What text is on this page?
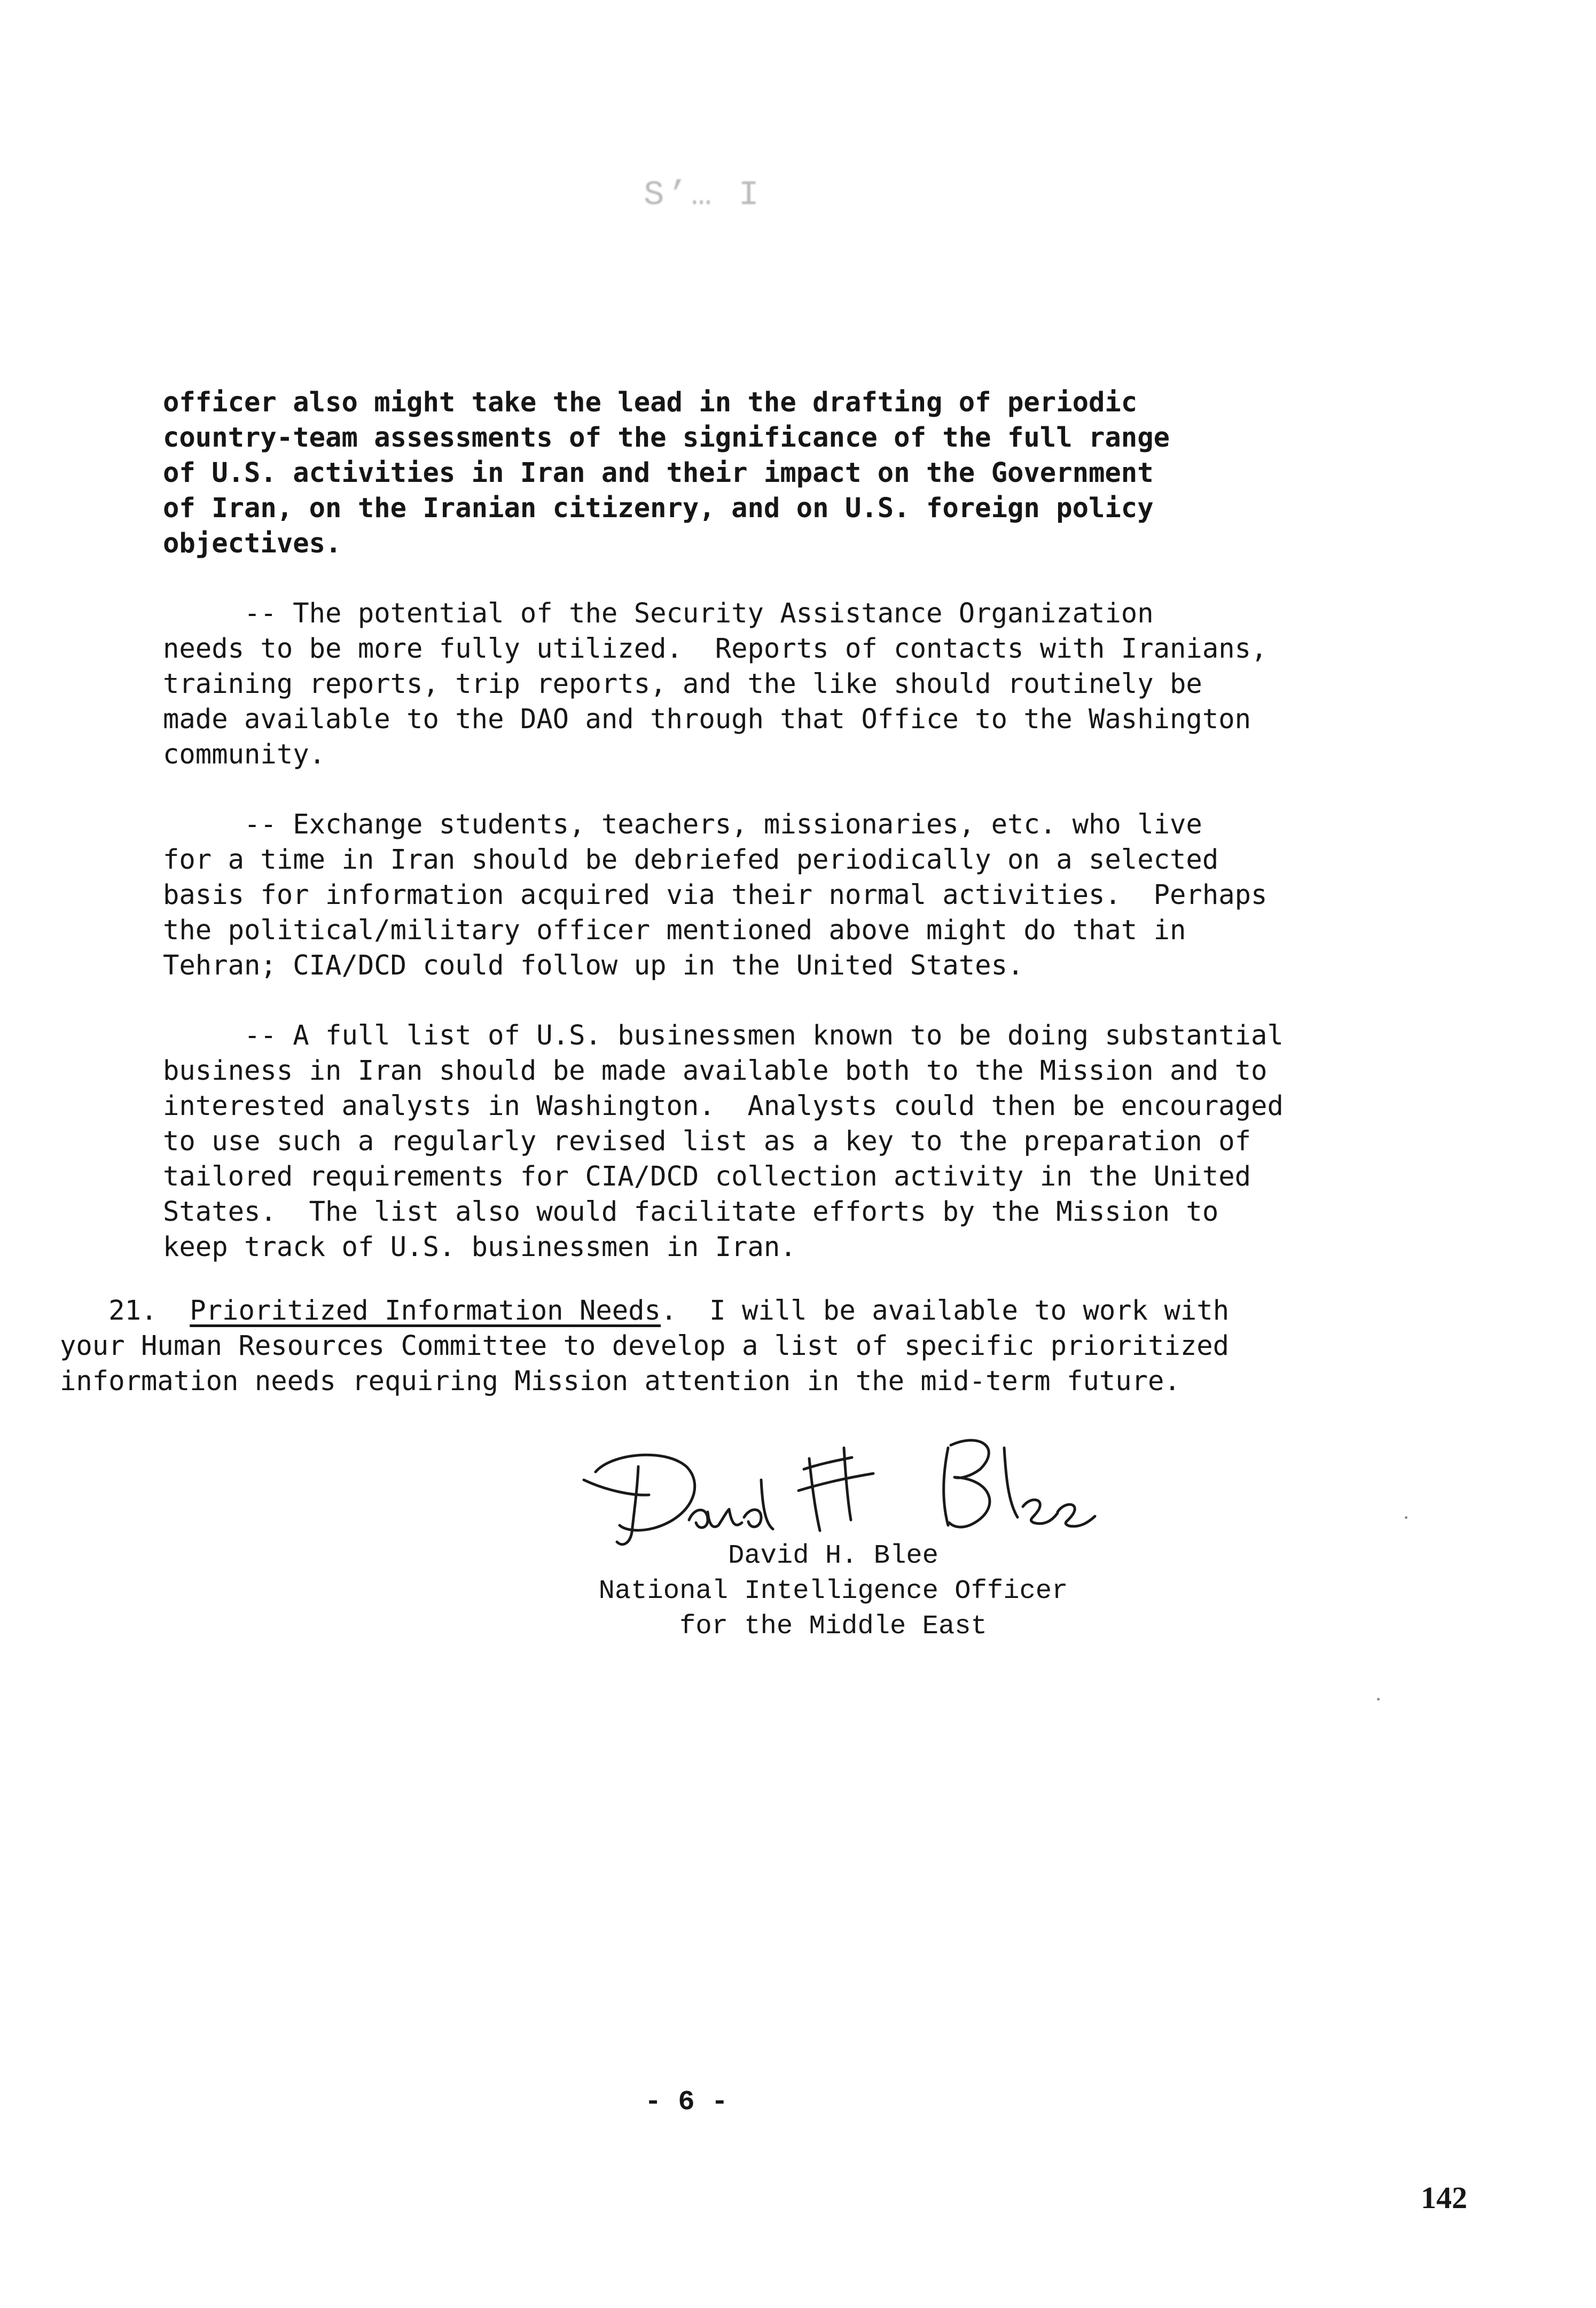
S’… I
officer also might take the lead in the drafting of periodic
country-team assessments of the significance of the full range
of U.S. activities in Iran and their impact on the Government
of Iran, on the Iranian citizenry, and on U.S. foreign policy
objectives.
-- The potential of the Security Assistance Organization
needs to be more fully utilized.  Reports of contacts with Iranians,
training reports, trip reports, and the like should routinely be
made available to the DAO and through that Office to the Washington
community.
-- Exchange students, teachers, missionaries, etc. who live
for a time in Iran should be debriefed periodically on a selected
basis for information acquired via their normal activities.  Perhaps
the political/military officer mentioned above might do that in
Tehran; CIA/DCD could follow up in the United States.
-- A full list of U.S. businessmen known to be doing substantial
business in Iran should be made available both to the Mission and to
interested analysts in Washington.  Analysts could then be encouraged
to use such a regularly revised list as a key to the preparation of
tailored requirements for CIA/DCD collection activity in the United
States.  The list also would facilitate efforts by the Mission to
keep track of U.S. businessmen in Iran.
21. Prioritized Information Needs.  I will be available to work with
your Human Resources Committee to develop a list of specific prioritized
information needs requiring Mission attention in the mid-term future.
David H. Blee
National Intelligence Officer
for the Middle East
- 6 -
142
